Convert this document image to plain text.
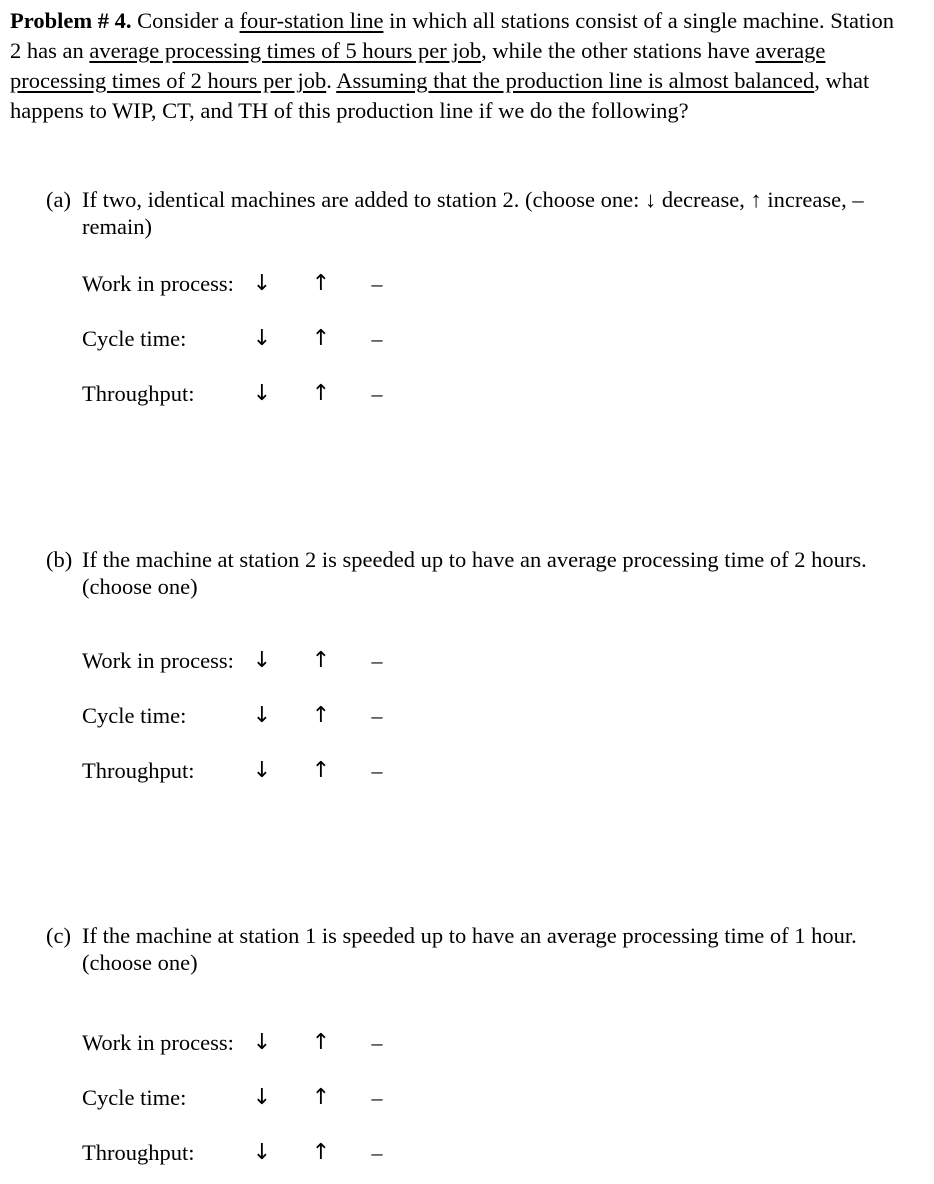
Problem # 4. Consider a four-station line in which all stations consist of a single machine. Station 2 has an average processing times of 5 hours per job, while the other stations have average processing times of 2 hours per job. Assuming that the production line is almost balanced, what happens to WIP, CT, and TH of this production line if we do the following?
(a) If two, identical machines are added to station 2. (choose one: ↓ decrease, ↑ increase, –
remain)
Work in process: ↓ ↑ –
Cycle time:	↓ ↑ –
Throughput:	↓ ↑ –
(b) If the machine at station 2 is speeded up to have an average processing time of 2 hours.
(choose one)
Work in process: ↓ ↑ –
Cycle time:	↓ ↑ –
Throughput:	↓ ↑ –
(c) If the machine at station 1 is speeded up to have an average processing time of 1 hour.
(choose one)
Work in process: ↓ ↑ –
Cycle time:	↓ ↑ –
Throughput:	↓ ↑ –
